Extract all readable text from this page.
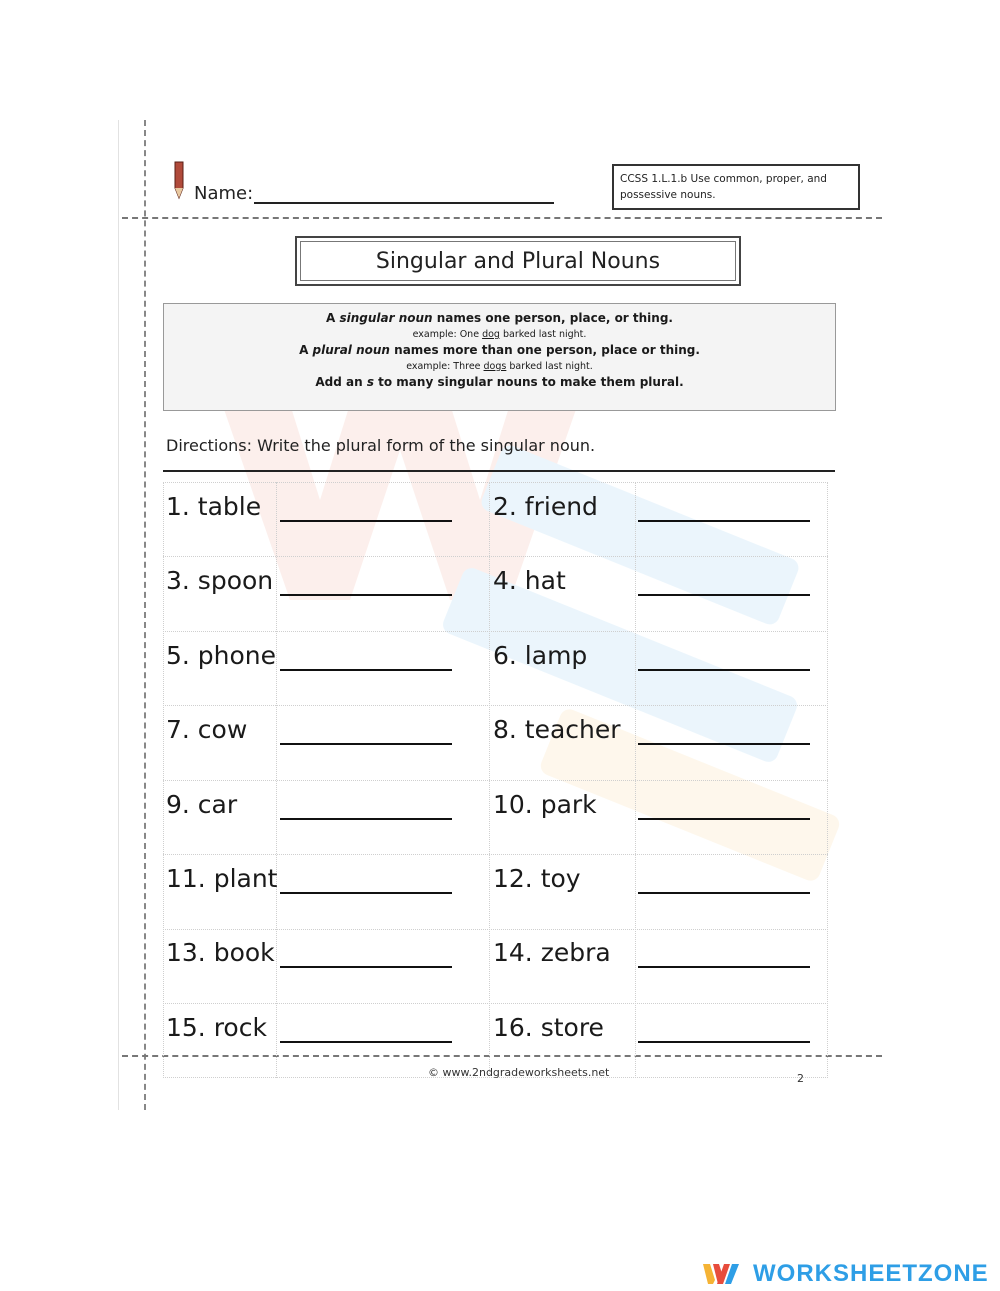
Name:
CCSS 1.L.1.b Use common, proper, and
possessive nouns.
Singular and Plural Nouns
A singular noun names one person, place, or thing.
example: One dog barked last night.
A plural noun names more than one person, place or thing.
example: Three dogs barked last night.
Add an s to many singular nouns to make them plural.
Directions: Write the plural form of the singular noun.
1. table
3. spoon
5. phone
7. cow
9. car
11. plant
13. book
15. rock
2. friend
4. hat
6. lamp
8. teacher
10. park
12. toy
14. zebra
16. store
© www.2ndgradeworksheets.net	2
WORKSHEETZONE
